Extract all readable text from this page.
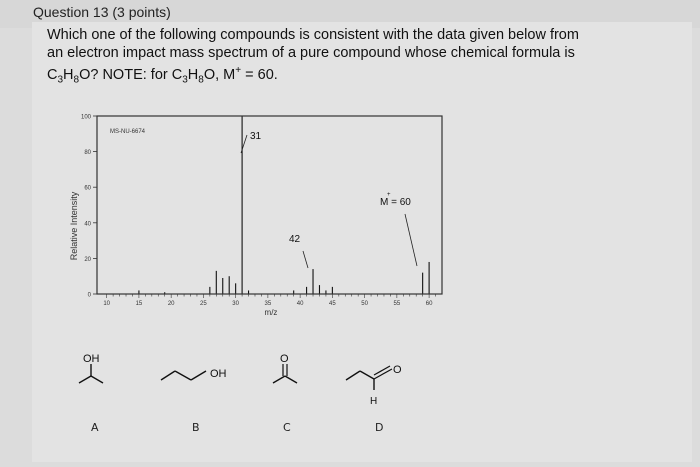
Question 13 (3 points)
Which one of the following compounds is consistent with the data given below from
an electron impact mass spectrum of a pure compound whose chemical formula is
$C_3H_8O$? NOTE: for $C_3H_8O$, M+ = 60.
Relative Intensity
100
80
60
40
20
0
10	15	20	25	30	35	40	45	50	55	60
MS-NU-6674
m/z
31
42
M = 60
+
OH
OH
O
O
H
A	B	C	D
